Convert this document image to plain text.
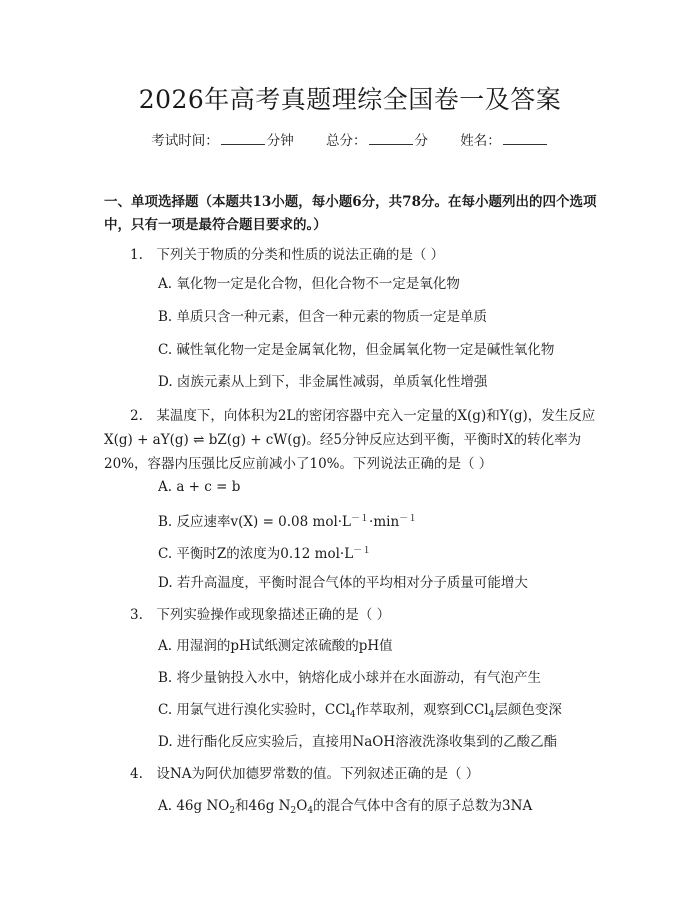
2026年高考真题理综全国卷一及答案
考试时间：	分钟 总分：	分 姓名：
一、单项选择题（本题共13小题，每小题6分，共78分。在每小题列出的四个选项中，只有一项是最符合题目要求的。）
1.　下列关于物质的分类和性质的说法正确的是（ ）
A. 氧化物一定是化合物，但化合物不一定是氧化物
B. 单质只含一种元素，但含一种元素的物质一定是单质
C. 碱性氧化物一定是金属氧化物，但金属氧化物一定是碱性氧化物
D. 卤族元素从上到下，非金属性减弱，单质氧化性增强
2.　某温度下，向体积为2L的密闭容器中充入一定量的X(g)和Y(g)，发生反应X(g) + aY(g) ⇌ bZ(g) + cW(g)。经5分钟反应达到平衡，平衡时X的转化率为20%，容器内压强比反应前减小了10%。下列说法正确的是（ ）
A. a + c = b
B. 反应速率v(X) = 0.08 $mol\cdot L^{-1}\cdot\min^{-1}$
C. 平衡时Z的浓度为0.12 $mol\cdot L^{-1}$
D. 若升高温度，平衡时混合气体的平均相对分子质量可能增大
3.　下列实验操作或现象描述正确的是（ ）
A. 用湿润的pH试纸测定浓硫酸的pH值
B. 将少量钠投入水中，钠熔化成小球并在水面游动，有气泡产生
C. 用氯气进行溴化实验时，CCl$_4$作萃取剂，观察到CCl$_4$层颜色变深
D. 进行酯化反应实验后，直接用NaOH溶液洗涤收集到的乙酸乙酯
4.　设NA为阿伏加德罗常数的值。下列叙述正确的是（ ）
A. 46g $NO_2$和46g $N_2O_4$的混合气体中含有的原子总数为3NA
